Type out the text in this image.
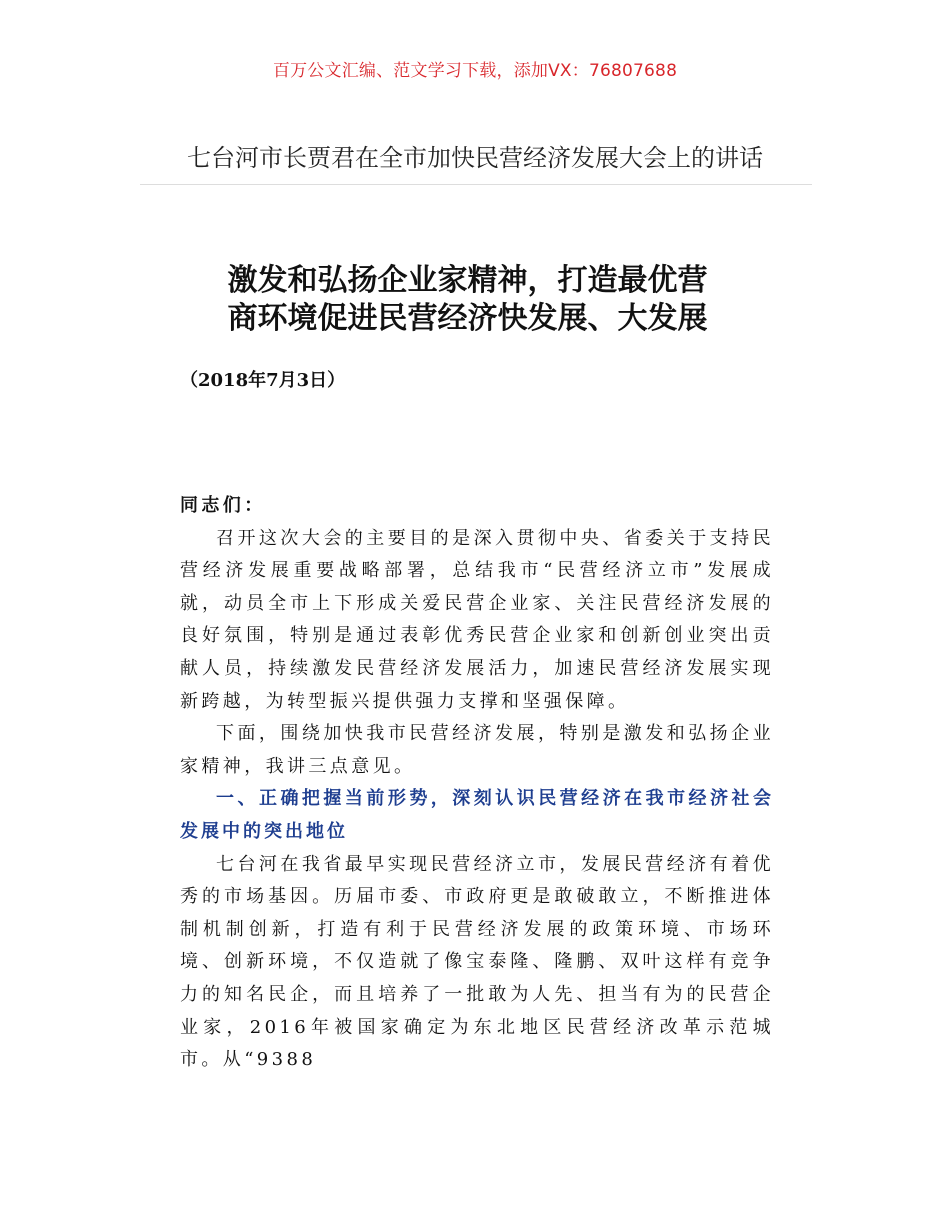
百万公文汇编、范文学习下载，添加VX：76807688
七台河市长贾君在全市加快民营经济发展大会上的讲话
激发和弘扬企业家精神，打造最优营
商环境促进民营经济快发展、大发展
（2018年7月3日）

同志们：

召开这次大会的主要目的是深入贯彻中央、省委关于支持民营经济发展重要战略部署，总结我市“民营经济立市”发展成就，动员全市上下形成关爱民营企业家、关注民营经济发展的良好氛围，特别是通过表彰优秀民营企业家和创新创业突出贡献人员，持续激发民营经济发展活力，加速民营经济发展实现新跨越，为转型振兴提供强力支撑和坚强保障。

下面，围绕加快我市民营经济发展，特别是激发和弘扬企业家精神，我讲三点意见。

一、正确把握当前形势，深刻认识民营经济在我市经济社会发展中的突出地位

七台河在我省最早实现民营经济立市，发展民营经济有着优秀的市场基因。历届市委、市政府更是敢破敢立，不断推进体制机制创新，打造有利于民营经济发展的政策环境、市场环境、创新环境，不仅造就了像宝泰隆、隆鹏、双叶这样有竞争力的知名民企，而且培养了一批敢为人先、担当有为的民营企业家，2016年被国家确定为东北地区民营经济改革示范城市。从“9388
